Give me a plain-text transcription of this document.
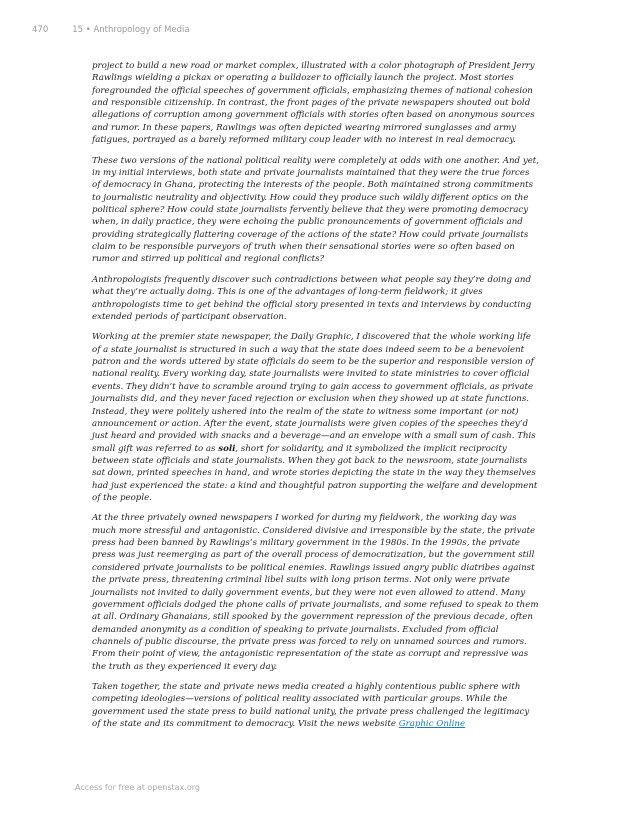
470	15 • Anthropology of Media

project to build a new road or market complex, illustrated with a color photograph of President Jerry Rawlings wielding a pickax or operating a bulldozer to officially launch the project. Most stories foregrounded the official speeches of government officials, emphasizing themes of national cohesion and responsible citizenship. In contrast, the front pages of the private newspapers shouted out bold allegations of corruption among government officials with stories often based on anonymous sources and rumor. In these papers, Rawlings was often depicted wearing mirrored sunglasses and army fatigues, portrayed as a barely reformed military coup leader with no interest in real democracy.

These two versions of the national political reality were completely at odds with one another. And yet, in my initial interviews, both state and private journalists maintained that they were the true forces of democracy in Ghana, protecting the interests of the people. Both maintained strong commitments to journalistic neutrality and objectivity. How could they produce such wildly different optics on the political sphere? How could state journalists fervently believe that they were promoting democracy when, in daily practice, they were echoing the public pronouncements of government officials and providing strategically flattering coverage of the actions of the state? How could private journalists claim to be responsible purveyors of truth when their sensational stories were so often based on rumor and stirred up political and regional conflicts?

Anthropologists frequently discover such contradictions between what people say they’re doing and what they’re actually doing. This is one of the advantages of long-term fieldwork; it gives anthropologists time to get behind the official story presented in texts and interviews by conducting extended periods of participant observation.

Working at the premier state newspaper, the Daily Graphic, I discovered that the whole working life of a state journalist is structured in such a way that the state does indeed seem to be a benevolent patron and the words uttered by state officials do seem to be the superior and responsible version of national reality. Every working day, state journalists were invited to state ministries to cover official events. They didn’t have to scramble around trying to gain access to government officials, as private journalists did, and they never faced rejection or exclusion when they showed up at state functions. Instead, they were politely ushered into the realm of the state to witness some important (or not) announcement or action. After the event, state journalists were given copies of the speeches they’d just heard and provided with snacks and a beverage—and an envelope with a small sum of cash. This small gift was referred to as soli, short for solidarity, and it symbolized the implicit reciprocity between state officials and state journalists. When they got back to the newsroom, state journalists sat down, printed speeches in hand, and wrote stories depicting the state in the way they themselves had just experienced the state: a kind and thoughtful patron supporting the welfare and development of the people.

At the three privately owned newspapers I worked for during my fieldwork, the working day was much more stressful and antagonistic. Considered divisive and irresponsible by the state, the private press had been banned by Rawlings’s military government in the 1980s. In the 1990s, the private press was just reemerging as part of the overall process of democratization, but the government still considered private journalists to be political enemies. Rawlings issued angry public diatribes against the private press, threatening criminal libel suits with long prison terms. Not only were private journalists not invited to daily government events, but they were not even allowed to attend. Many government officials dodged the phone calls of private journalists, and some refused to speak to them at all. Ordinary Ghanaians, still spooked by the government repression of the previous decade, often demanded anonymity as a condition of speaking to private journalists. Excluded from official channels of public discourse, the private press was forced to rely on unnamed sources and rumors. From their point of view, the antagonistic representation of the state as corrupt and repressive was the truth as they experienced it every day.

Taken together, the state and private news media created a highly contentious public sphere with competing ideologies—versions of political reality associated with particular groups. While the government used the state press to build national unity, the private press challenged the legitimacy of the state and its commitment to democracy. Visit the news website Graphic Online

Access for free at openstax.org
